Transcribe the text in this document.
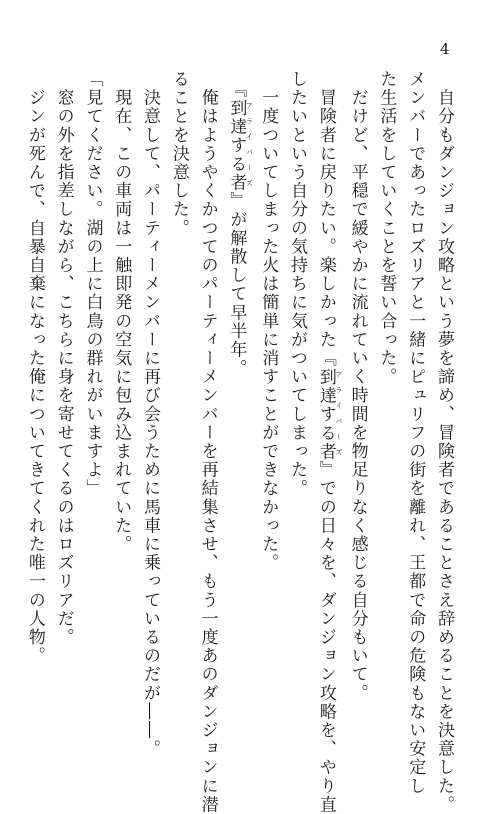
4
　自分もダンジョン攻略という夢を諦め、冒険者であることさえ辞めることを決意した。
メンバーであったロズリアと一緒にピュリフの街を離れ、王都で命の危険もない安定し
た生活をしていくことを誓い合った。
　だけど、平穏で緩やかに流れていく時間を物足りなく感じる自分もいて。
　冒険者に戻りたい。楽しかった『到達する者 アライバーズ』での日々を、ダンジョン攻略を、やり直
したいという自分の気持ちに気がついてしまった。
　一度ついてしまった火は簡単に消すことができなかった。
　『到達する者 アライバーズ』が解散して早半年。
　俺はようやくかつてのパーティーメンバーを再結集させ、もう一度あのダンジョンに潜
ることを決意した。
　決意して、パーティーメンバーに再び会うために馬車に乗っているのだが――。
　現在、この車両は一触即発の空気に包み込まれていた。
「見てください。湖の上に白鳥の群れがいますよ」
　窓の外を指差しながら、こちらに身を寄せてくるのはロズリアだ。
　ジンが死んで、自暴自棄になった俺についてきてくれた唯一の人物。
